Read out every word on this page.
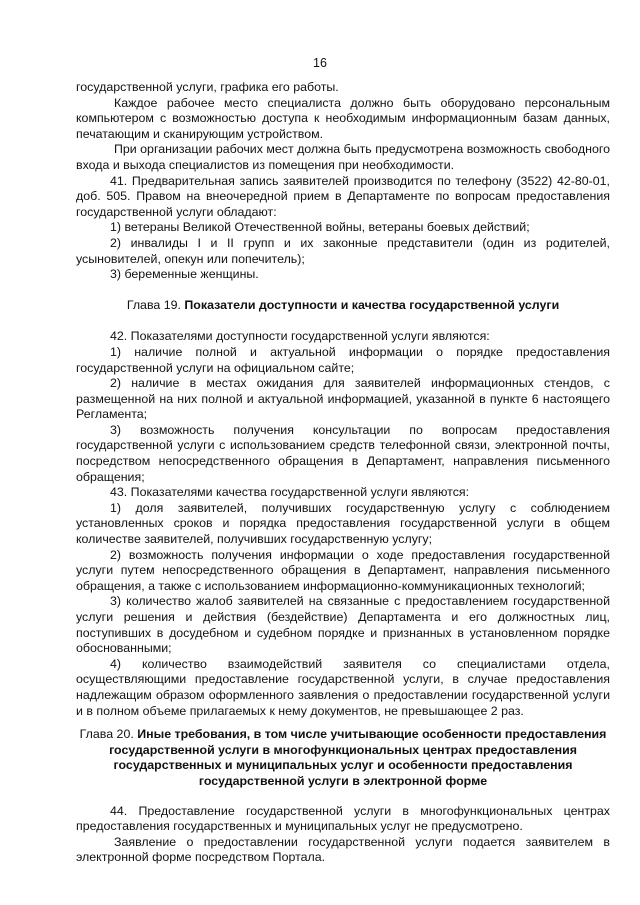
16

государственной услуги, графика его работы.

Каждое рабочее место специалиста должно быть оборудовано персональным компьютером с возможностью доступа к необходимым информационным базам данных, печатающим и сканирующим устройством.

При организации рабочих мест должна быть предусмотрена возможность свободного входа и выхода специалистов из помещения при необходимости.

41. Предварительная запись заявителей производится по телефону (3522) 42-80-01, доб. 505. Правом на внеочередной прием в Департаменте по вопросам предоставления государственной услуги обладают:

1) ветераны Великой Отечественной войны, ветераны боевых действий;

2) инвалиды I и II групп и их законные представители (один из родителей, усыновителей, опекун или попечитель);

3) беременные женщины.

Глава 19. Показатели доступности и качества государственной услуги

42. Показателями доступности государственной услуги являются:

1) наличие полной и актуальной информации о порядке предоставления государственной услуги на официальном сайте;

2) наличие в местах ожидания для заявителей информационных стендов, с размещенной на них полной и актуальной информацией, указанной в пункте 6 настоящего Регламента;

3) возможность получения консультации по вопросам предоставления государственной услуги с использованием средств телефонной связи, электронной почты, посредством непосредственного обращения в Департамент, направления письменного обращения;

43. Показателями качества государственной услуги являются:

1) доля заявителей, получивших государственную услугу с соблюдением установленных сроков и порядка предоставления государственной услуги в общем количестве заявителей, получивших государственную услугу;

2) возможность получения информации о ходе предоставления государственной услуги путем непосредственного обращения в Департамент, направления письменного обращения, а также с использованием информационно-коммуникационных технологий;

3) количество жалоб заявителей на связанные с предоставлением государственной услуги решения и действия (бездействие) Департамента и его должностных лиц, поступивших в досудебном и судебном порядке и признанных в установленном порядке обоснованными;

4) количество взаимодействий заявителя со специалистами отдела, осуществляющими предоставление государственной услуги, в случае предоставления надлежащим образом оформленного заявления о предоставлении государственной услуги и в полном объеме прилагаемых к нему документов, не превышающее 2 раз.

Глава 20. Иные требования, в том числе учитывающие особенности предоставления государственной услуги в многофункциональных центрах предоставления государственных и муниципальных услуг и особенности предоставления государственной услуги в электронной форме

44. Предоставление государственной услуги в многофункциональных центрах предоставления государственных и муниципальных услуг не предусмотрено.

Заявление о предоставлении государственной услуги подается заявителем в электронной форме посредством Портала.
